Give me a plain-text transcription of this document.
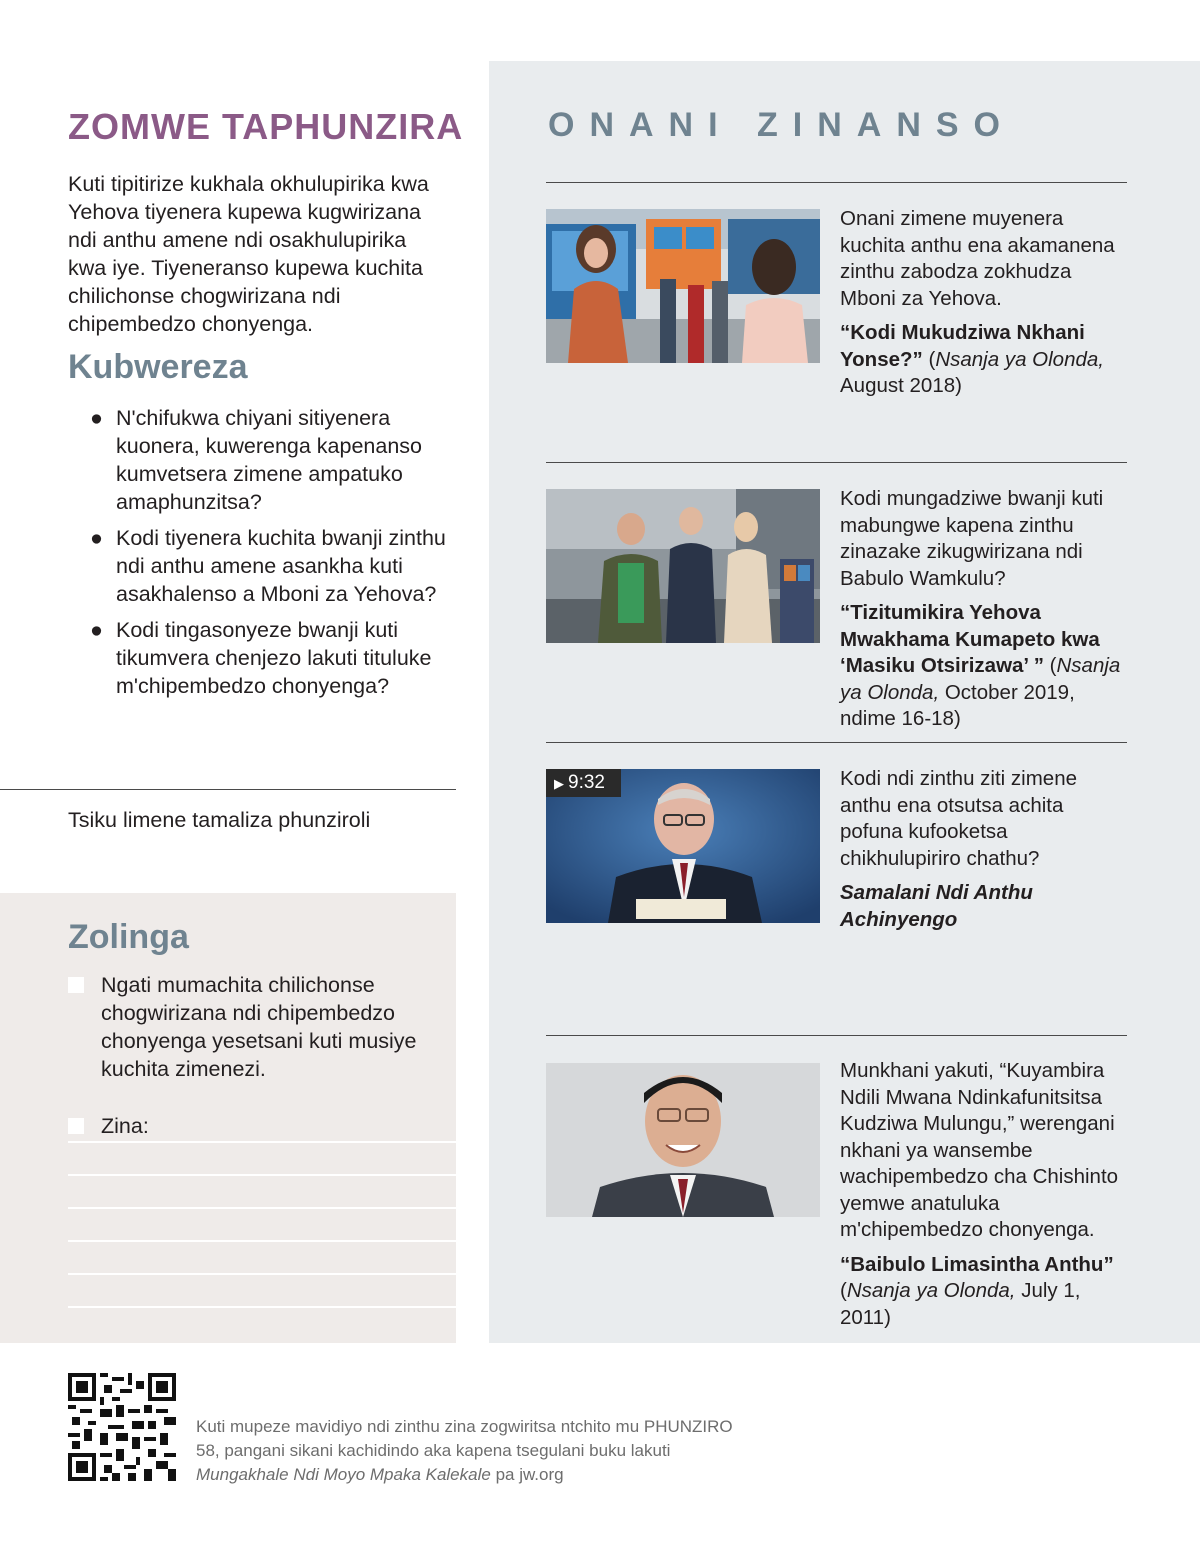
ZOMWE TAPHUNZIRA

Kuti tipitirize kukhala okhulupirika kwa Yehova tiyenera kupewa kugwirizana ndi anthu amene ndi osakhulupirika kwa iye. Tiyeneranso kupewa kuchita chilichonse chogwirizana ndi chipembedzo chonyenga.

Kubwereza
● N'chifukwa chiyani sitiyenera kuonera, kuwerenga kapenanso kumvetsera zimene ampatuko amaphunzitsa?
● Kodi tiyenera kuchita bwanji zinthu ndi anthu amene asankha kuti asakhalenso a Mboni za Yehova?
● Kodi tingasonyeze bwanji kuti tikumvera chenjezo lakuti tituluke m'chipembedzo chonyenga?
Tsiku limene tamaliza phunziroli
Zolinga
Ngati mumachita chilichonse chogwirizana ndi chipembedzo chonyenga yesetsani kuti musiye kuchita zimenezi.
Zina:
ONANI ZINANSO
Onani zimene muyenera kuchita anthu ena akamanena zinthu zabodza zokhudza Mboni za Yehova.
“Kodi Mukudziwa Nkhani Yonse?” (Nsanja ya Olonda, August 2018)
Kodi mungadziwe bwanji kuti mabungwe kapena zinthu zinazake zikugwirizana ndi Babulo Wamkulu?
“Tizitumikira Yehova Mwakhama Kumapeto kwa ‘Masiku Otsirizawa’ ” (Nsanja ya Olonda, October 2019, ndime 16-18)
▶ 9:32	Kodi ndi zinthu ziti zimene anthu ena otsutsa achita pofuna kufooketsa chikhulupiriro chathu?
Samalani Ndi Anthu Achinyengo
Munkhani yakuti, “Kuyambira Ndili Mwana Ndinkafunitsitsa Kudziwa Mulungu,” werengani nkhani ya wansembe wachipembedzo cha Chishinto yemwe anatuluka m'chipembedzo chonyenga.
“Baibulo Limasintha Anthu”
(Nsanja ya Olonda, July 1, 2011)

Kuti mupeze mavidiyo ndi zinthu zina zogwiritsa ntchito mu PHUNZIRO 58, pangani sikani kachidindo aka kapena tsegulani buku lakuti Mungakhale Ndi Moyo Mpaka Kalekale pa jw.org
